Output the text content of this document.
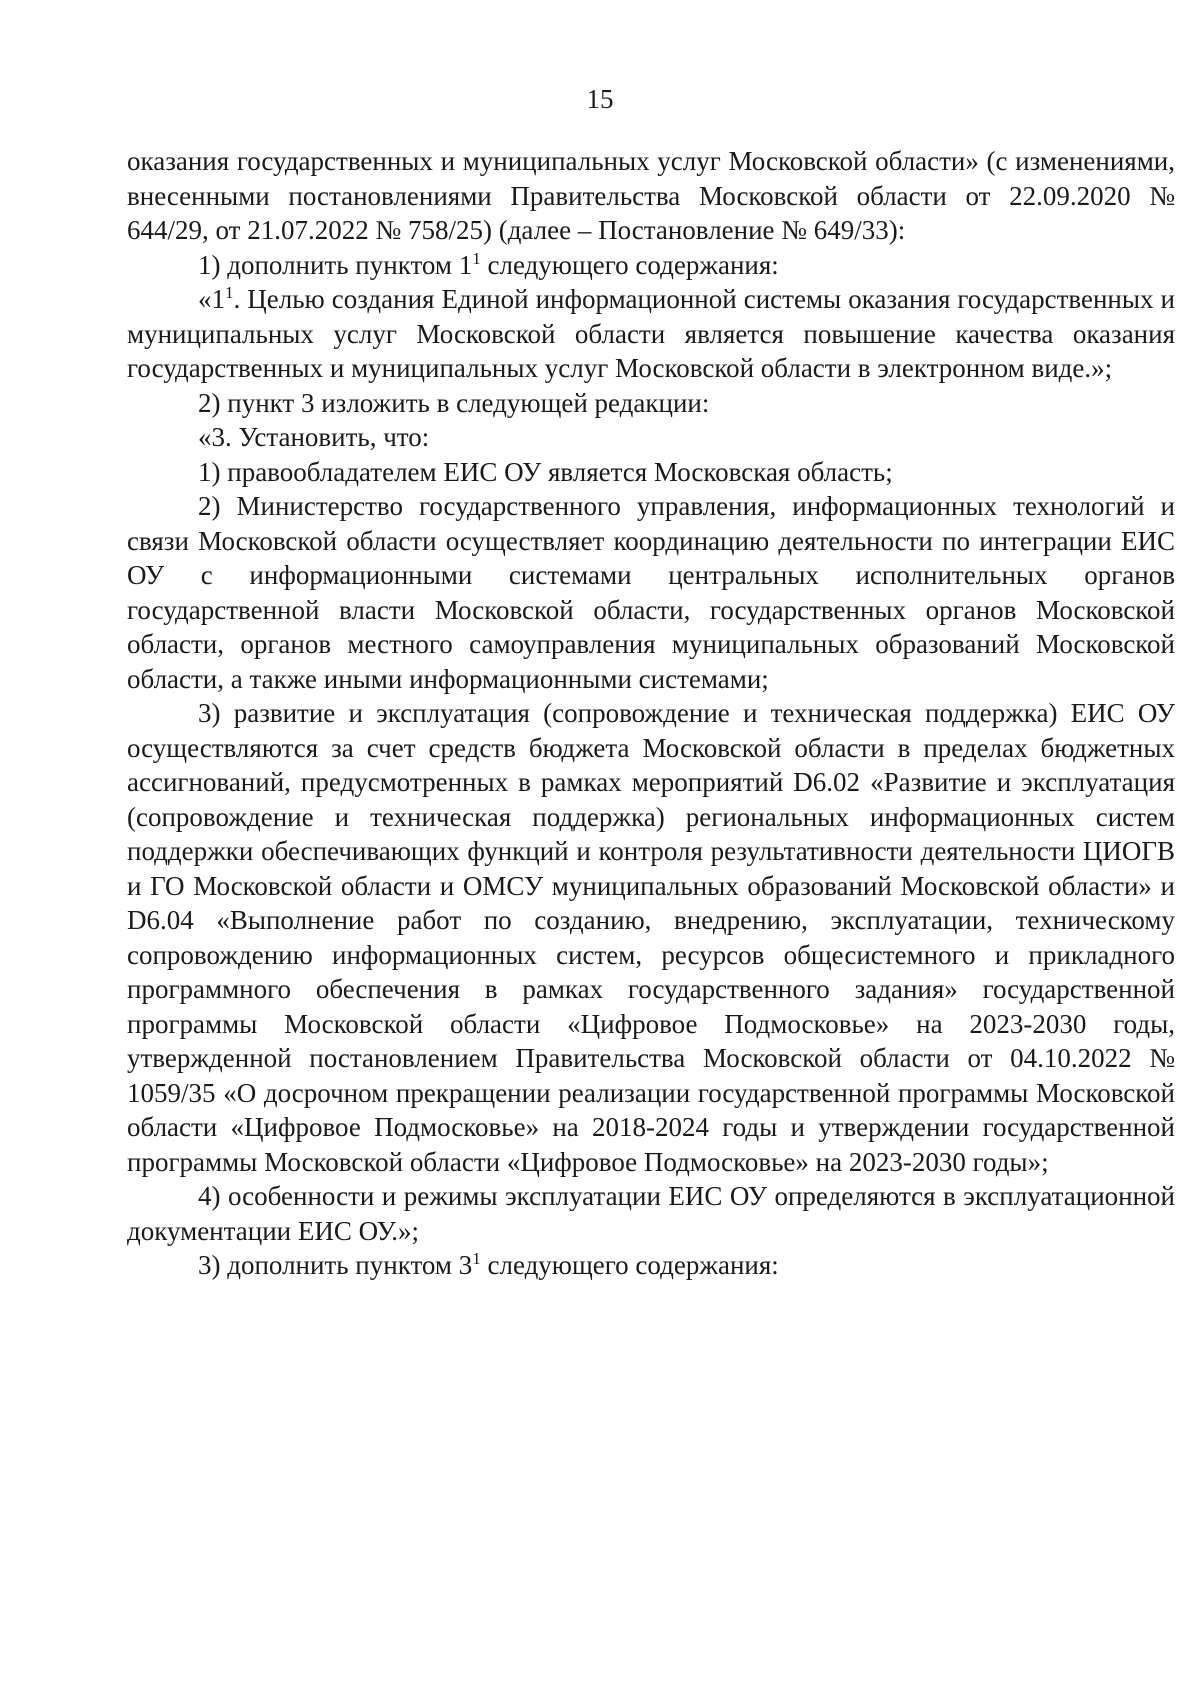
15

оказания государственных и муниципальных услуг Московской области» (с изменениями, внесенными постановлениями Правительства Московской области от 22.09.2020 № 644/29, от 21.07.2022 № 758/25) (далее – Постановление № 649/33):

1) дополнить пунктом $1^1$ следующего содержания:

«$1^1$. Целью создания Единой информационной системы оказания государственных и муниципальных услуг Московской области является повышение качества оказания государственных и муниципальных услуг Московской области в электронном виде.»;

2) пункт 3 изложить в следующей редакции:

«3. Установить, что:

1) правообладателем ЕИС ОУ является Московская область;

2) Министерство государственного управления, информационных технологий и связи Московской области осуществляет координацию деятельности по интеграции ЕИС ОУ с информационными системами центральных исполнительных органов государственной власти Московской области, государственных органов Московской области, органов местного самоуправления муниципальных образований Московской области, а также иными информационными системами;

3) развитие и эксплуатация (сопровождение и техническая поддержка) ЕИС ОУ осуществляются за счет средств бюджета Московской области в пределах бюджетных ассигнований, предусмотренных в рамках мероприятий D6.02 «Развитие и эксплуатация (сопровождение и техническая поддержка) региональных информационных систем поддержки обеспечивающих функций и контроля результативности деятельности ЦИОГВ и ГО Московской области и ОМСУ муниципальных образований Московской области» и D6.04 «Выполнение работ по созданию, внедрению, эксплуатации, техническому сопровождению информационных систем, ресурсов общесистемного и прикладного программного обеспечения в рамках государственного задания» государственной программы Московской области «Цифровое Подмосковье» на 2023-2030 годы, утвержденной постановлением Правительства Московской области от 04.10.2022 № 1059/35 «О досрочном прекращении реализации государственной программы Московской области «Цифровое Подмосковье» на 2018-2024 годы и утверждении государственной программы Московской области «Цифровое Подмосковье» на 2023-2030 годы»;

4) особенности и режимы эксплуатации ЕИС ОУ определяются в эксплуатационной документации ЕИС ОУ.»;

3) дополнить пунктом $3^1$ следующего содержания:
